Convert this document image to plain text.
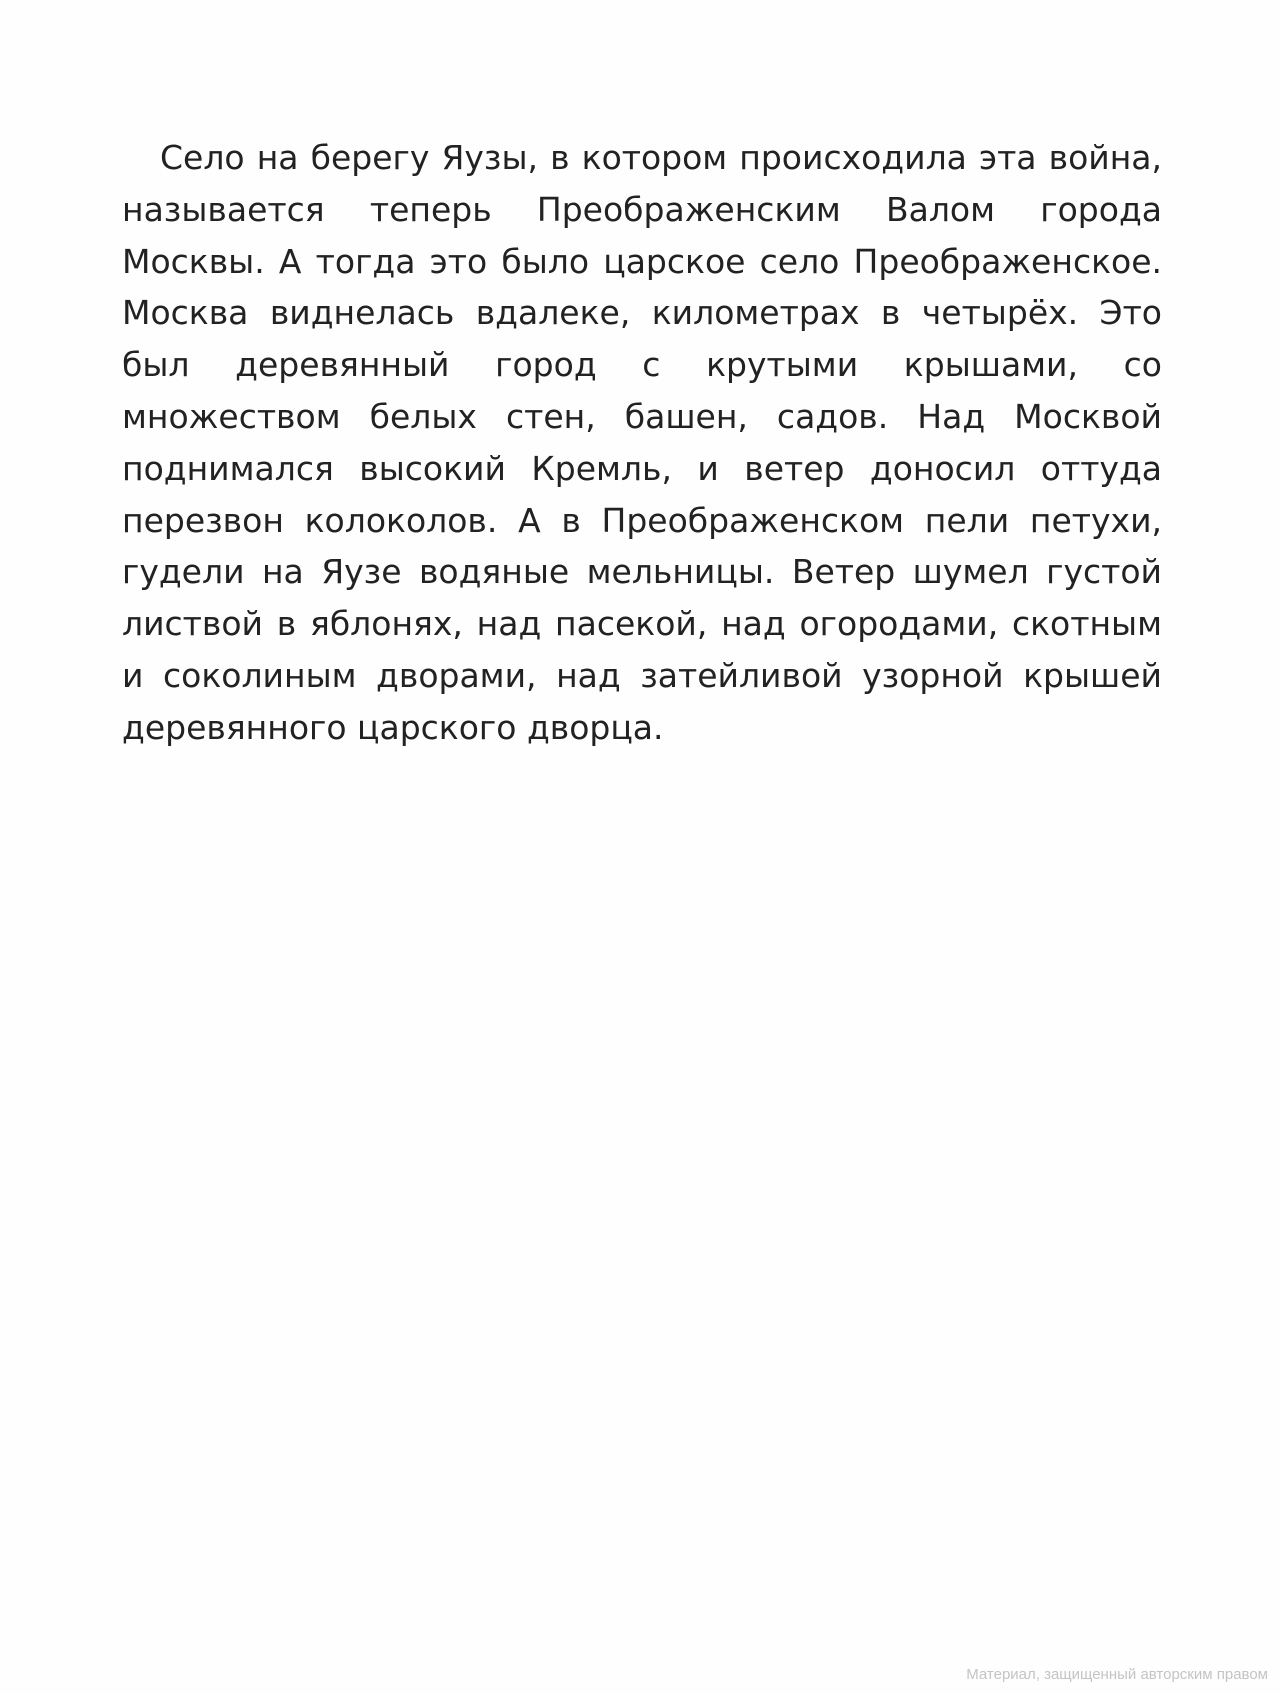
Село на берегу Яузы, в котором происходила эта война, называется теперь Преображенским Валом города Москвы. А тогда это было царское село Преображенское. Москва виднелась вдалеке, километрах в четырёх. Это был деревянный город с крутыми крышами, со множеством белых стен, башен, садов. Над Москвой поднимался высокий Кремль, и ветер доносил оттуда перезвон колоколов. А в Преображенском пели петухи, гудели на Яузе водяные мельницы. Ветер шумел густой листвой в яблонях, над пасекой, над огородами, скотным и соколиным дворами, над затейливой узорной крышей деревянного царского дворца.

Материал, защищенный авторским правом
